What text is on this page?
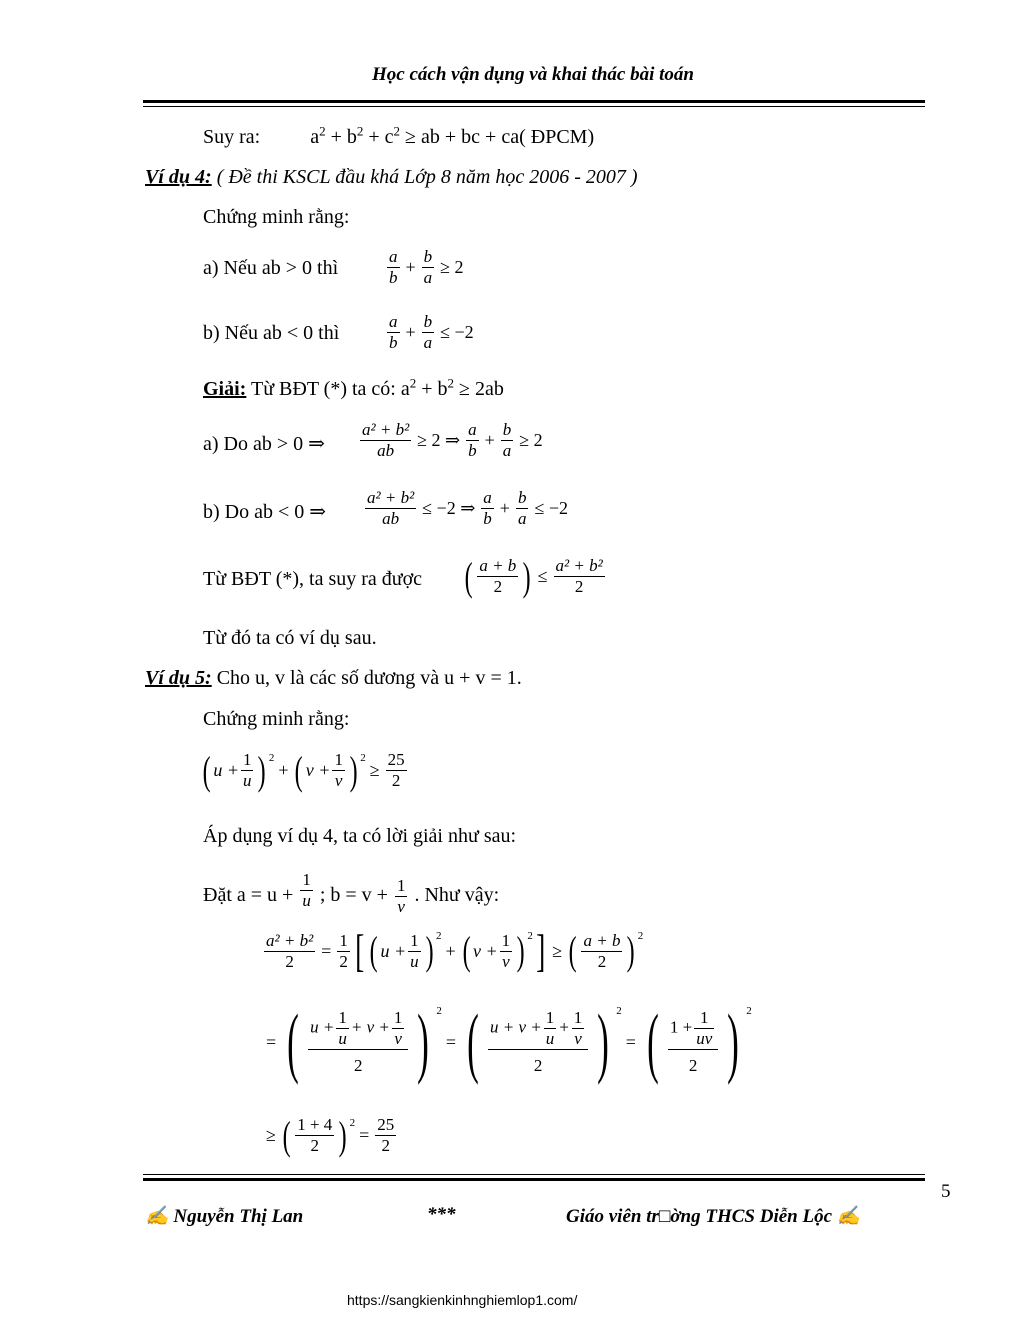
Học cách vận dụng và khai thác bài toán
Suy ra:	$a^2 + b^2 + c^2$ ≥ ab + bc + ca( ĐPCM)
Ví dụ 4: ( Đề thi KSCL đầu khá Lớp 8 năm học 2006 - 2007 )
Chứng minh rằng:
a) Nếu ab > 0 thì	$\frac{a}{b} + \frac{b}{a} \ge 2$
b) Nếu ab < 0 thì	$\frac{a}{b} + \frac{b}{a} \le -2$
Giải: Từ BĐT (*) ta có: $a^2 + b^2 \ge 2ab$
a) Do ab > 0 ⇒ $\frac{\text{a² + b²}}{ab} \ge 2$ ⇒ $\frac{a}{b} + \frac{b}{a} \ge 2$
b) Do ab < 0 ⇒ $\frac{\text{a² + b²}}{ab} \le -2$ ⇒ $\frac{a}{b} + \frac{b}{a} \le -2$
Từ BĐT (*), ta suy ra được ( $\frac{a + b}{2}$ ) ≤ $\frac{\text{a² + b²}}{2}$
Từ đó ta có ví dụ sau.
Ví dụ 5: Cho u, v là các số dương và u + v = 1.
Chứng minh rằng:
( $u + \frac{1}{u}$ ) 2
+ ( $v + \frac{1}{v}$ ) 2
≥ $\frac{25}{2}$
Áp dụng ví dụ 4, ta có lời giải như sau:
Đặt $a = u + \frac{1}{u}$ ; $b = v + \frac{1}{v}$ . Như vậy:
$\frac{\text{a² + b²}}{2} = \frac{1}{2}$ [ ( $u + \frac{1}{u}$ ) 2
+ ( $v + \frac{1}{v}$ ) 2 ] ≥ ( $\frac{a + b}{2}$ ) 2
= ( $\frac{u + \frac{1}{u} + v + \frac{1}{v}}{2}$ ) 2
= ( $\frac{u + v + \frac{1}{u} + \frac{1}{v}}{2}$ ) 2
= ( $\frac{1 + \frac{1}{uv}}{2}$ ) 2
≥ ( $\frac{1 + 4}{2}$ ) 2
= $\frac{25}{2}$
5
✍ Nguyễn Thị Lan	***	Giáo viên tr□ờng THCS Diễn Lộc ✍
https://sangkienkinhnghiemlop1.com/
